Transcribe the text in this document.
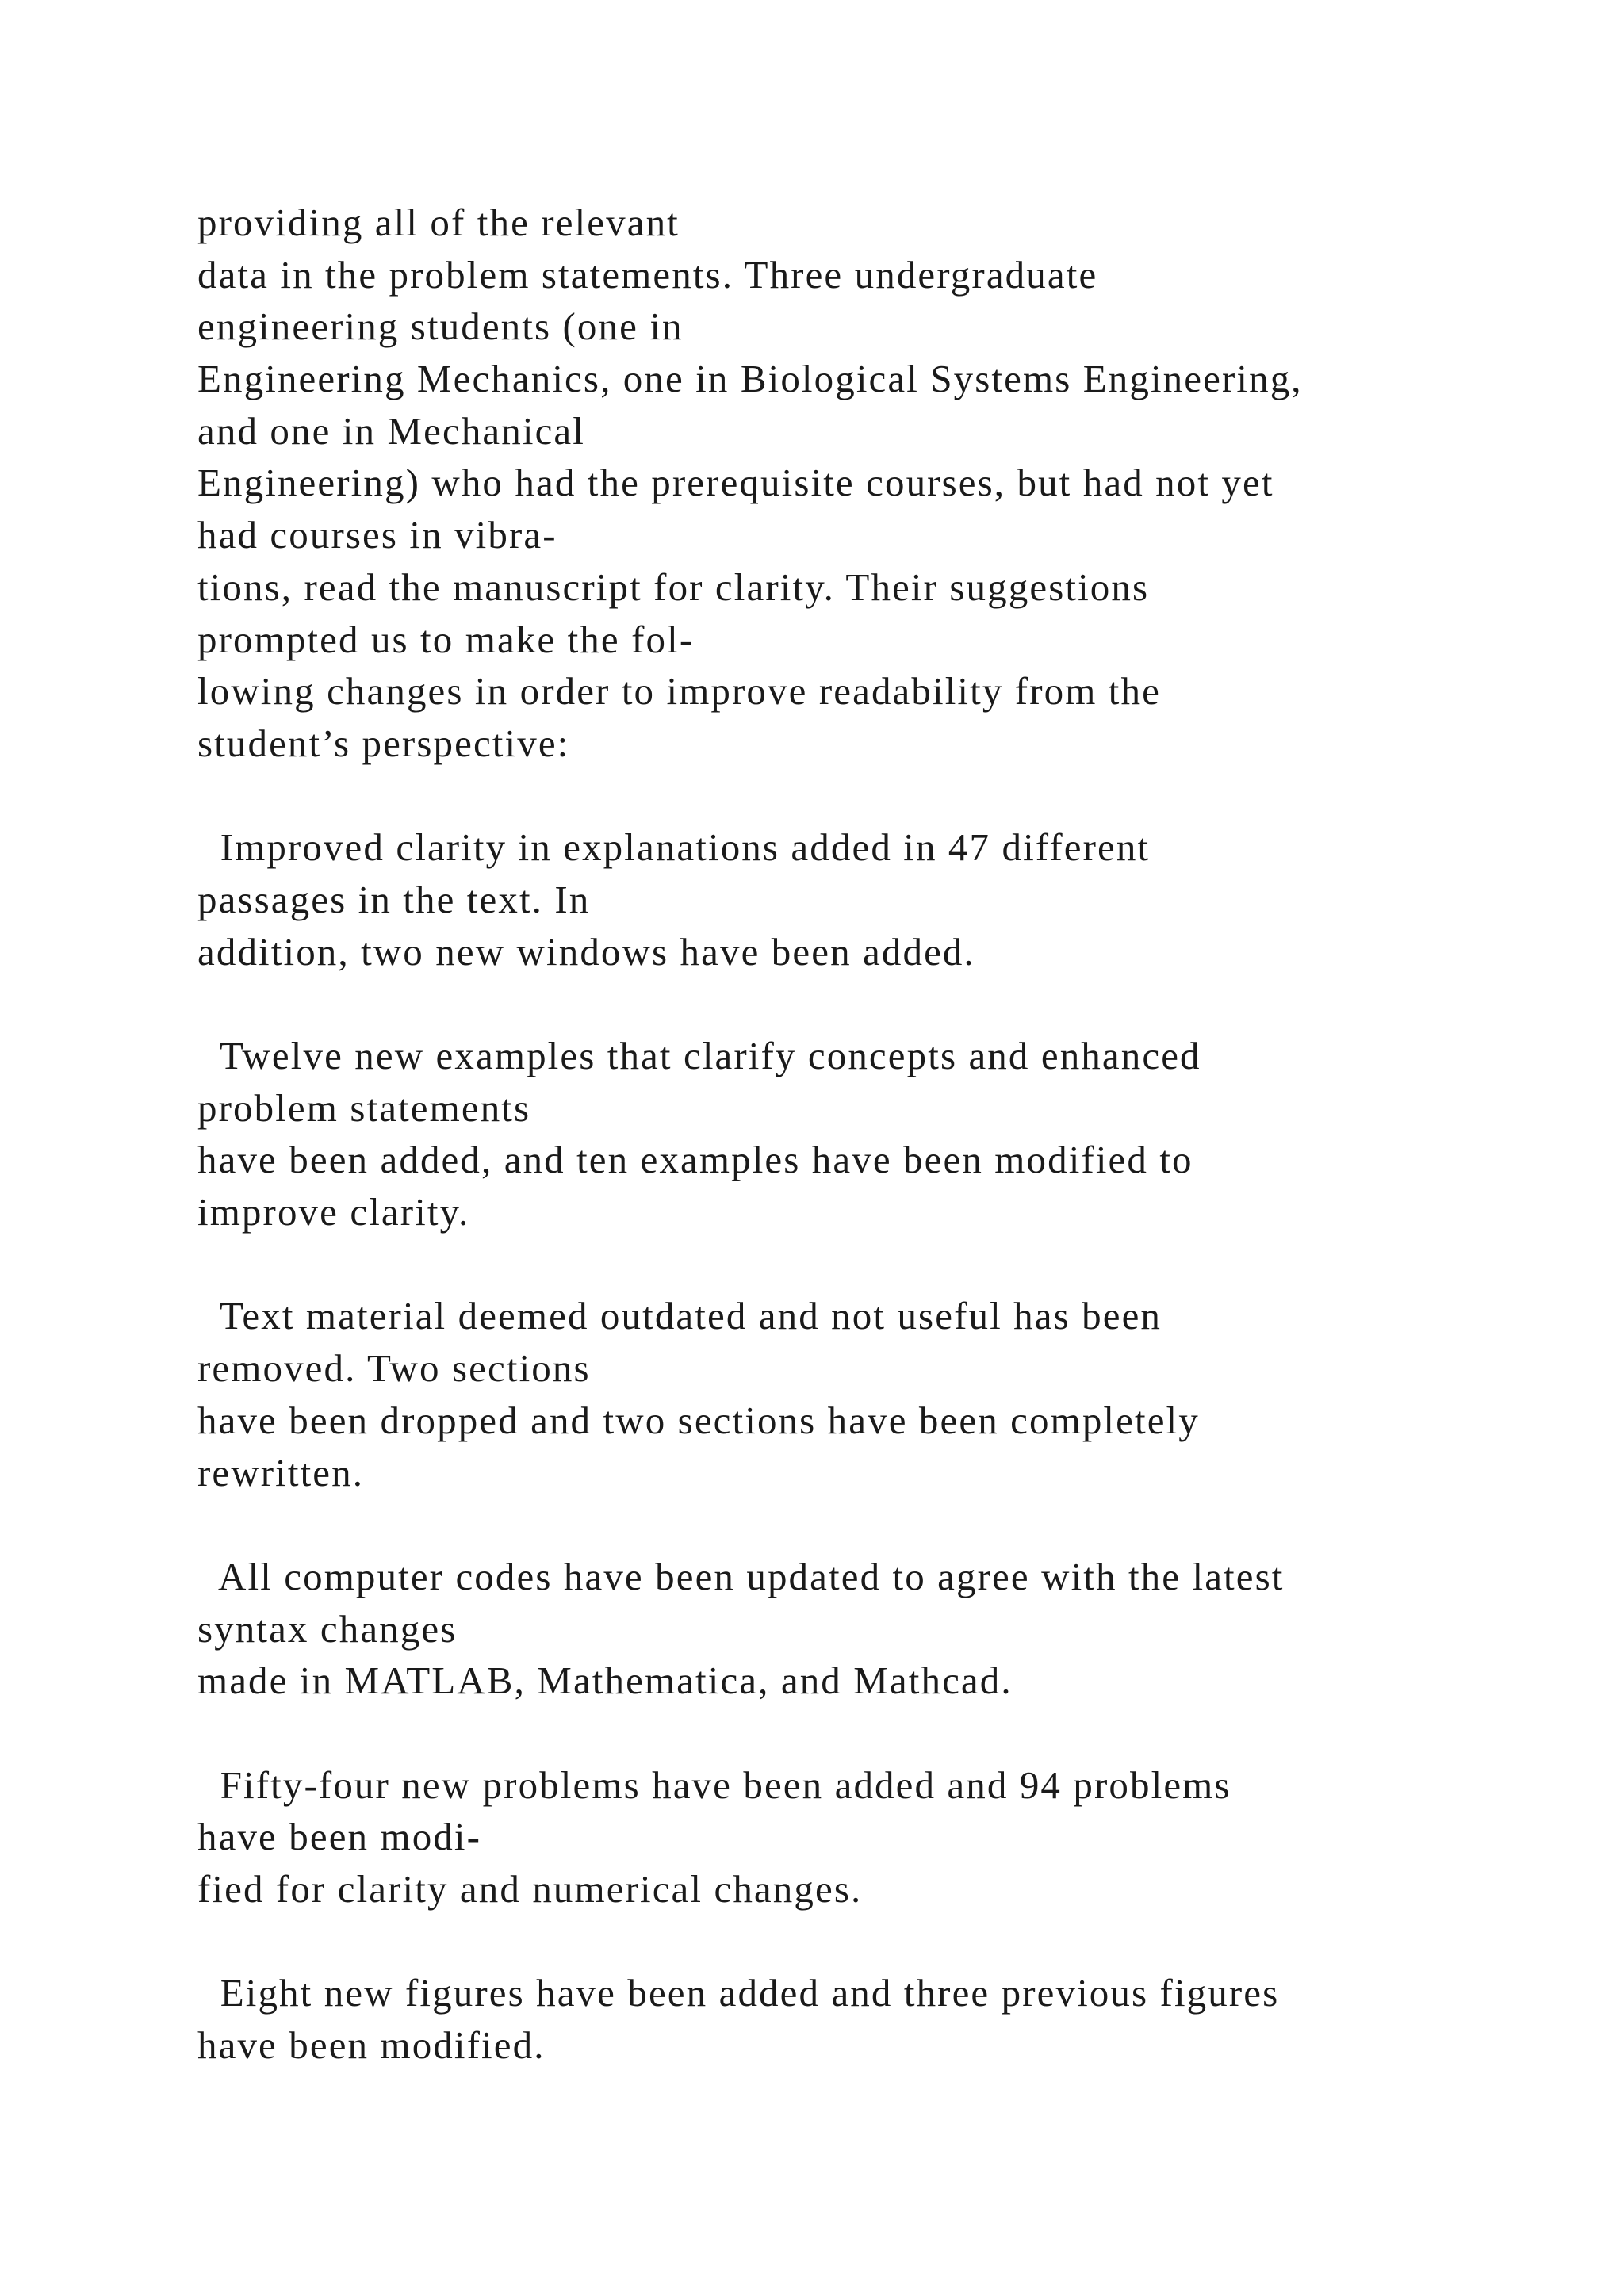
providing all of the relevant
data in the problem statements. Three undergraduate
engineering students (one in
Engineering Mechanics, one in Biological Systems Engineering,
and one in Mechanical
Engineering) who had the prerequisite courses, but had not yet
had courses in vibra-
tions, read the manuscript for clarity. Their suggestions
prompted us to make the fol-
lowing changes in order to improve readability from the
student’s perspective:
Improved clarity in explanations added in 47 different
passages in the text. In
addition, two new windows have been added.
Twelve new examples that clarify concepts and enhanced
problem statements
have been added, and ten examples have been modified to
improve clarity.
Text material deemed outdated and not useful has been
removed. Two sections
have been dropped and two sections have been completely
rewritten.
All computer codes have been updated to agree with the latest
syntax changes
made in MATLAB, Mathematica, and Mathcad.
Fifty-four new problems have been added and 94 problems
have been modi-
fied for clarity and numerical changes.
Eight new figures have been added and three previous figures
have been modified.
